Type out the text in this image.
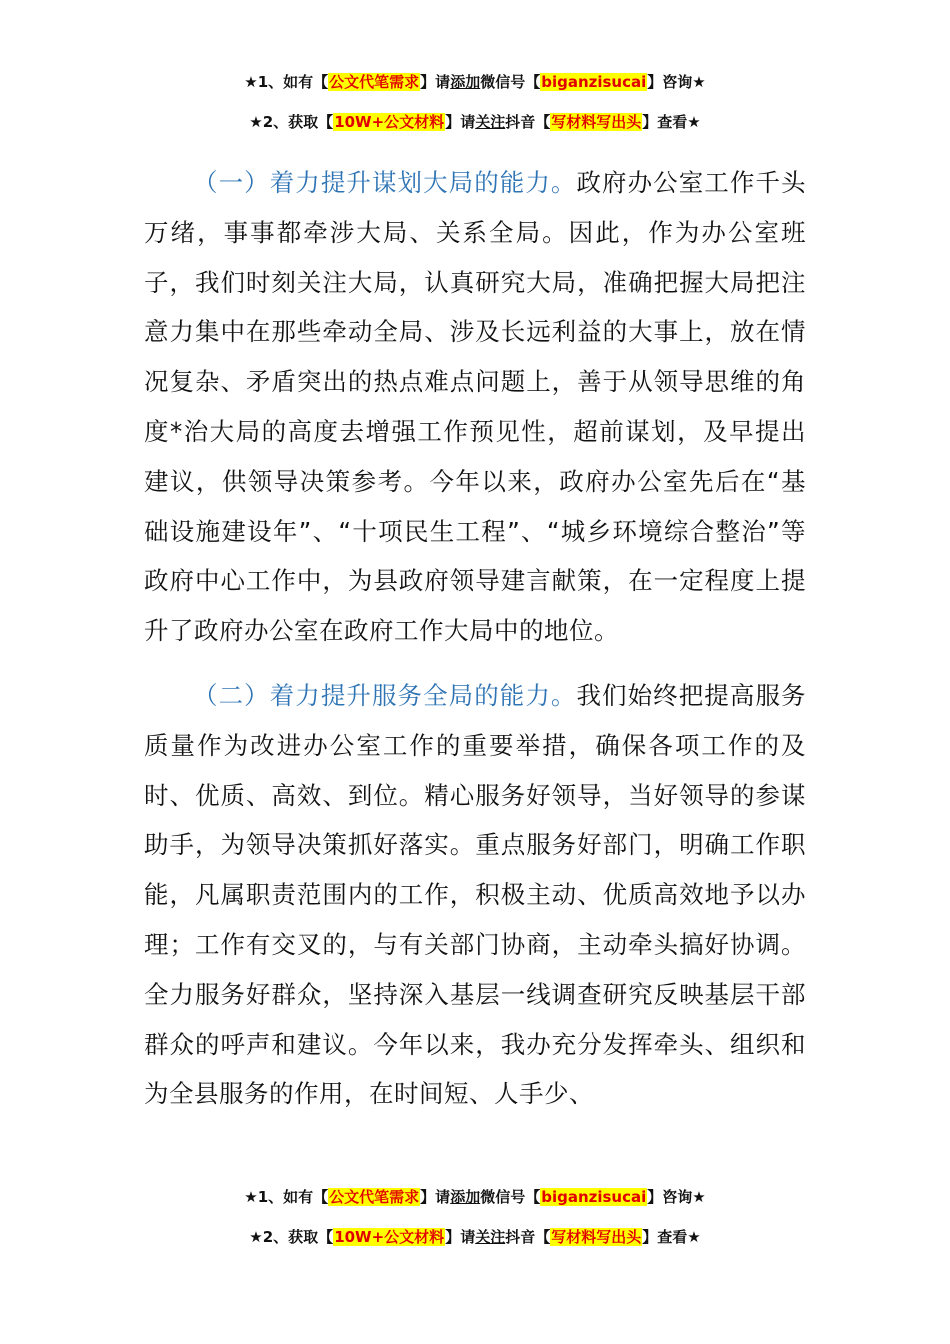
★1、如有【公文代笔需求】请添加微信号【biganzisucai】咨询★
★2、获取【10W+公文材料】请关注抖音【写材料写出头】查看★

（一）着力提升谋划大局的能力。政府办公室工作千头万绪，事事都牵涉大局、关系全局。因此，作为办公室班子，我们时刻关注大局，认真研究大局，准确把握大局把注意力集中在那些牵动全局、涉及长远利益的大事上，放在情况复杂、矛盾突出的热点难点问题上，善于从领导思维的角度*治大局的高度去增强工作预见性，超前谋划，及早提出建议，供领导决策参考。今年以来，政府办公室先后在“基础设施建设年”、“十项民生工程”、“城乡环境综合整治”等政府中心工作中，为县政府领导建言献策，在一定程度上提升了政府办公室在政府工作大局中的地位。

（二）着力提升服务全局的能力。我们始终把提高服务质量作为改进办公室工作的重要举措，确保各项工作的及时、优质、高效、到位。精心服务好领导，当好领导的参谋助手，为领导决策抓好落实。重点服务好部门，明确工作职能，凡属职责范围内的工作，积极主动、优质高效地予以办理；工作有交叉的，与有关部门协商，主动牵头搞好协调。全力服务好群众，坚持深入基层一线调查研究反映基层干部群众的呼声和建议。今年以来，我办充分发挥牵头、组织和为全县服务的作用，在时间短、人手少、

★1、如有【公文代笔需求】请添加微信号【biganzisucai】咨询★
★2、获取【10W+公文材料】请关注抖音【写材料写出头】查看★
